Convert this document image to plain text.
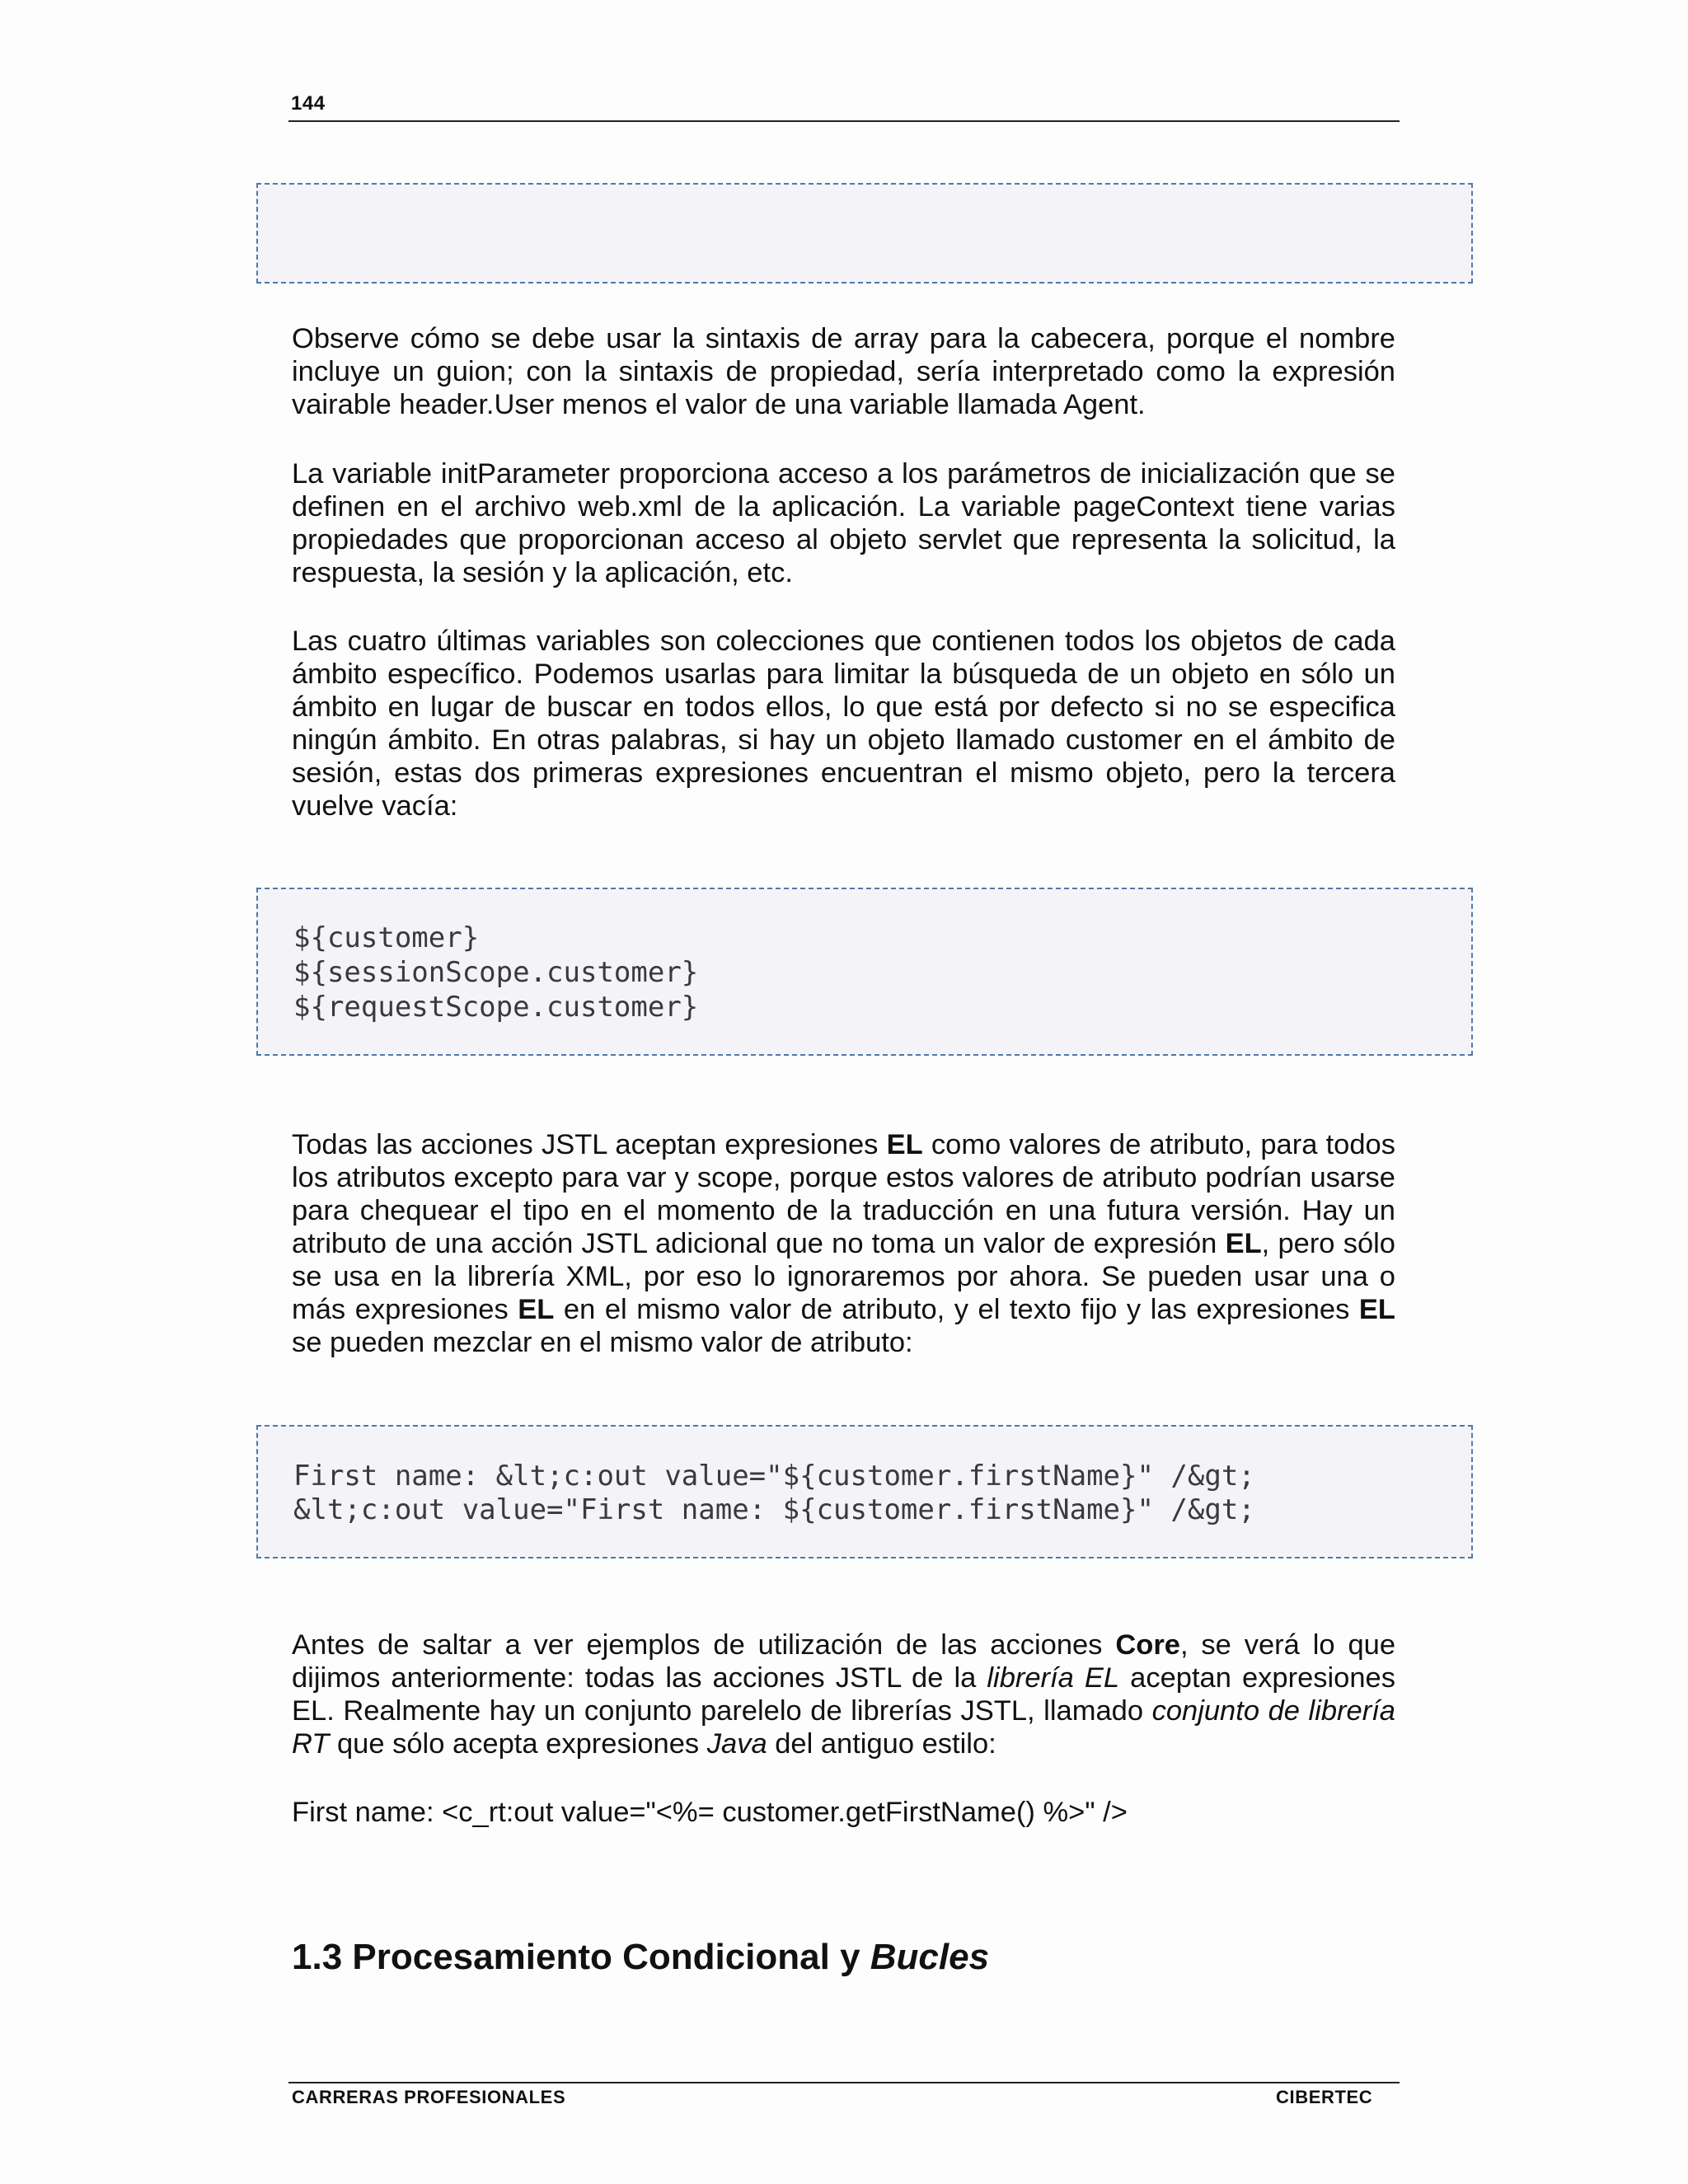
144

Observe cómo se debe usar la sintaxis de array para la cabecera, porque el nombre incluye un guion; con la sintaxis de propiedad, sería interpretado como la expresión vairable header.User menos el valor de una variable llamada Agent.

La variable initParameter proporciona acceso a los parámetros de inicialización que se definen en el archivo web.xml de la aplicación. La variable pageContext tiene varias propiedades que proporcionan acceso al objeto servlet que representa la solicitud, la respuesta, la sesión y la aplicación, etc.

Las cuatro últimas variables son colecciones que contienen todos los objetos de cada ámbito específico. Podemos usarlas para limitar la búsqueda de un objeto en sólo un ámbito en lugar de buscar en todos ellos, lo que está por defecto si no se especifica ningún ámbito. En otras palabras, si hay un objeto llamado customer en el ámbito de sesión, estas dos primeras expresiones encuentran el mismo objeto, pero la tercera vuelve vacía:

${customer}
${sessionScope.customer}
${requestScope.customer}

Todas las acciones JSTL aceptan expresiones EL como valores de atributo, para todos los atributos excepto para var y scope, porque estos valores de atributo podrían usarse para chequear el tipo en el momento de la traducción en una futura versión. Hay un atributo de una acción JSTL adicional que no toma un valor de expresión EL, pero sólo se usa en la librería XML, por eso lo ignoraremos por ahora. Se pueden usar una o más expresiones EL en el mismo valor de atributo, y el texto fijo y las expresiones EL se pueden mezclar en el mismo valor de atributo:

First name: &lt;c:out value="${customer.firstName}" /&gt;
&lt;c:out value="First name: ${customer.firstName}" /&gt;

Antes de saltar a ver ejemplos de utilización de las acciones Core, se verá lo que dijimos anteriormente: todas las acciones JSTL de la librería EL aceptan expresiones EL. Realmente hay un conjunto parelelo de librerías JSTL, llamado conjunto de librería RT que sólo acepta expresiones Java del antiguo estilo:

First name: <c_rt:out value="<%= customer.getFirstName() %>" />

1.3 Procesamiento Condicional y Bucles
CARRERAS PROFESIONALES	CIBERTEC
